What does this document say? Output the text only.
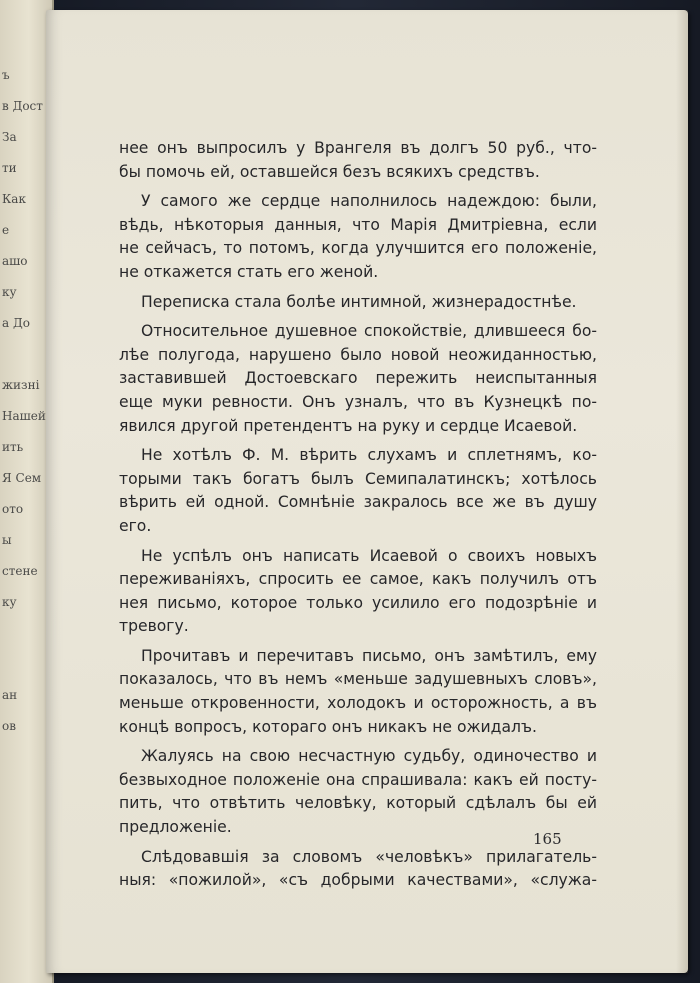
ъ
в Дост
За
ти
Как
е
ашо
ку
а До

жизні
Нашей
ить
Я Сем
ото
ы
стене
ку

ан
ов
нее онъ выпросилъ у Врангеля въ долгъ 50 руб., что-
бы помочь ей, оставшейся безъ всякихъ средствъ.
У самого же сердце наполнилось надеждою: были,
вѣдь, нѣкоторыя данныя, что Марія Дмитріевна, если
не сейчасъ, то потомъ, когда улучшится его положеніе,
не откажется стать его женой.
Переписка стала болѣе интимной, жизнерадостнѣе.
Относительное душевное спокойствіе, длившееся бо-
лѣе полугода, нарушено было новой неожиданностью,
заставившей Достоевскаго пережить неиспытанныя
еще муки ревности. Онъ узналъ, что въ Кузнецкѣ по-
явился другой претендентъ на руку и сердце Исаевой.
Не хотѣлъ Ф. М. вѣрить слухамъ и сплетнямъ, ко-
торыми такъ богатъ былъ Семипалатинскъ; хотѣлось
вѣрить ей одной. Сомнѣніе закралось все же въ душу
его.
Не успѣлъ онъ написать Исаевой о своихъ новыхъ
переживаніяхъ, спросить ее самое, какъ получилъ отъ
нея письмо, которое только усилило его подозрѣніе и
тревогу.
Прочитавъ и перечитавъ письмо, онъ замѣтилъ, ему
показалось, что въ немъ «меньше задушевныхъ словъ»,
меньше откровенности, холодокъ и осторожность, а въ
концѣ вопросъ, котораго онъ никакъ не ожидалъ.
Жалуясь на свою несчастную судьбу, одиночество и
безвыходное положеніе она спрашивала: какъ ей посту-
пить, что отвѣтить человѣку, который сдѣлалъ бы ей
предложеніе.
Слѣдовавшія за словомъ «человѣкъ» прилагатель-
ныя: «пожилой», «съ добрыми качествами», «служа-
165
